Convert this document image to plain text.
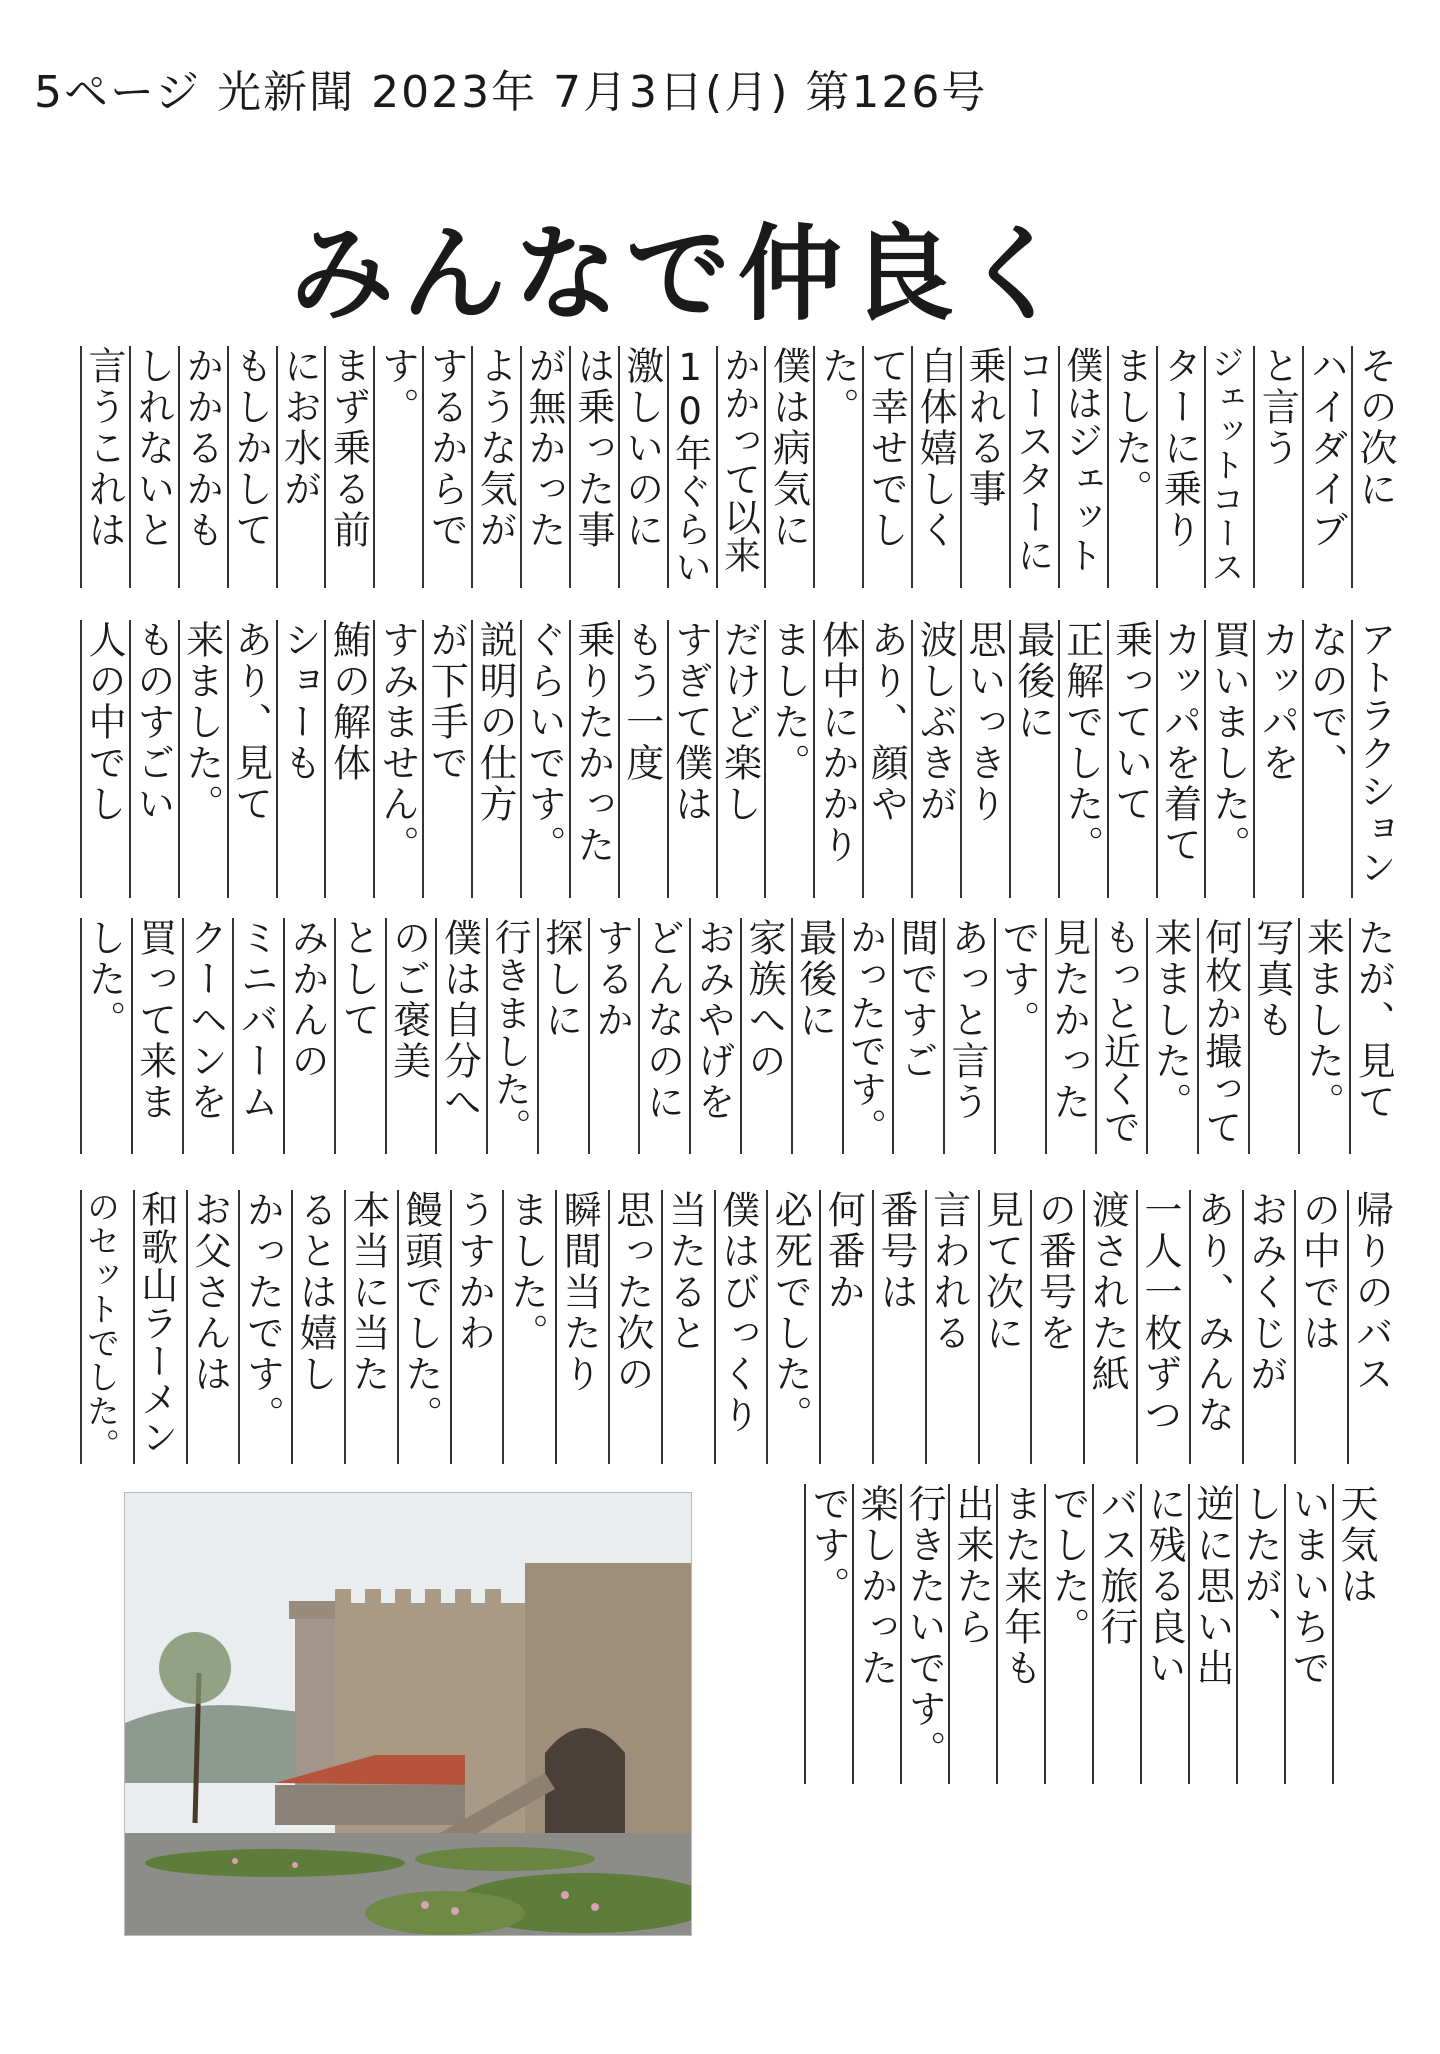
5ページ 光新聞 2023年 7月3日(月) 第126号
みんなで仲良く
その次に
ハイダイブ
と言う
ジェットコース
ターに乗り
ました。
僕はジェット
コースターに
乗れる事
自体嬉しく
て幸せでし
た。
僕は病気に
かかって以来
10年ぐらい
激しいのに
は乗った事
が無かった
ような気が
するからで
す。
まず乗る前
にお水が
もしかして
かかるかも
しれないと
言うこれは
アトラクション
なので、
カッパを
買いました。
カッパを着て
乗っていて
正解でした。
最後に
思いっきり
波しぶきが
あり、顔や
体中にかかり
ました。
だけど楽し
すぎて僕は
もう一度
乗りたかった
ぐらいです。
説明の仕方
が下手で
すみません。
鮪の解体
ショーも
あり、見て
来ました。
ものすごい
人の中でし
たが、見て
来ました。
写真も
何枚か撮って
来ました。
もっと近くで
見たかった
です。
あっと言う
間ですご
かったです。
最後に
家族への
おみやげを
どんなのに
するか
探しに
行きました。
僕は自分へ
のご褒美
として
みかんの
ミニバーム
クーヘンを
買って来ま
した。
帰りのバス
の中では
おみくじが
あり、みんな
一人一枚ずつ
渡された紙
の番号を
見て次に
言われる
番号は
何番か
必死でした。
僕はびっくり
当たると
思った次の
瞬間当たり
ました。
うすかわ
饅頭でした。
本当に当た
るとは嬉し
かったです。
お父さんは
和歌山ラーメン
のセットでした。
天気は
いまいちで
したが、
逆に思い出
に残る良い
バス旅行
でした。
また来年も
出来たら
行きたいです。
楽しかった
です。
